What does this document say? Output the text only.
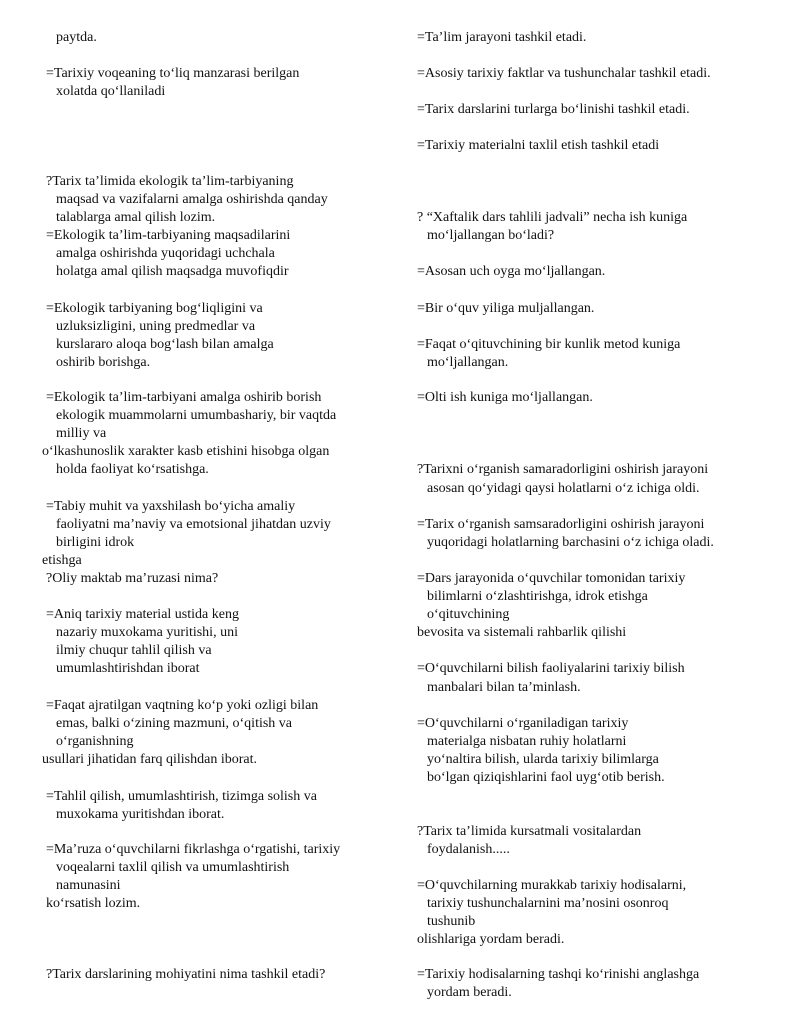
paytda.
=Tarixiy voqeaning to‘liq manzarasi berilgan
xolatda qo‘llaniladi
?Tarix ta’limida ekologik ta’lim-tarbiyaning
maqsad va vazifalarni amalga oshirishda qanday
talablarga amal qilish lozim.
=Ekologik ta’lim-tarbiyaning maqsadilarini
amalga oshirishda yuqoridagi uchchala
holatga amal qilish maqsadga muvofiqdir
=Ekologik tarbiyaning bog‘liqligini va
uzluksizligini, uning predmedlar va
kurslararo aloqa bog‘lash bilan amalga
oshirib borishga.
=Ekologik ta’lim-tarbiyani amalga oshirib borish
ekologik muammolarni umumbashariy, bir vaqtda
milliy va
o‘lkashunoslik xarakter kasb etishini hisobga olgan
holda faoliyat ko‘rsatishga.
=Tabiy muhit va yaxshilash bo‘yicha amaliy
faoliyatni ma’naviy va emotsional jihatdan uzviy
birligini idrok
etishga
?Oliy maktab ma’ruzasi nima?
=Aniq tarixiy material ustida keng
nazariy muxokama yuritishi, uni
ilmiy chuqur tahlil qilish va
umumlashtirishdan iborat
=Faqat ajratilgan vaqtning ko‘p yoki ozligi bilan
emas, balki o‘zining mazmuni, o‘qitish va
o‘rganishning
usullari jihatidan farq qilishdan iborat.
=Tahlil qilish, umumlashtirish, tizimga solish va
muxokama yuritishdan iborat.
=Ma’ruza o‘quvchilarni fikrlashga o‘rgatishi, tarixiy
voqealarni taxlil qilish va umumlashtirish
namunasini
ko‘rsatish lozim.
?Tarix darslarining mohiyatini nima tashkil etadi?
=Ta’lim jarayoni tashkil etadi.
=Asosiy tarixiy faktlar va tushunchalar tashkil etadi.
=Tarix darslarini turlarga bo‘linishi tashkil etadi.
=Tarixiy materialni taxlil etish tashkil etadi
? “Xaftalik dars tahlili jadvali” necha ish kuniga
mo‘ljallangan bo‘ladi?
=Asosan uch oyga mo‘ljallangan.
=Bir o‘quv yiliga muljallangan.
=Faqat o‘qituvchining bir kunlik metod kuniga
mo‘ljallangan.
=Olti ish kuniga mo‘ljallangan.
?Tarixni o‘rganish samaradorligini oshirish jarayoni
asosan qo‘yidagi qaysi holatlarni o‘z ichiga oldi.
=Tarix o‘rganish samsaradorligini oshirish jarayoni
yuqoridagi holatlarning barchasini o‘z ichiga oladi.
=Dars jarayonida o‘quvchilar tomonidan tarixiy
bilimlarni o‘zlashtirishga, idrok etishga
o‘qituvchining
bevosita va sistemali rahbarlik qilishi
=O‘quvchilarni bilish faoliyalarini tarixiy bilish
manbalari bilan ta’minlash.
=O‘quvchilarni o‘rganiladigan tarixiy
materialga nisbatan ruhiy holatlarni
yo‘naltira bilish, ularda tarixiy bilimlarga
bo‘lgan qiziqishlarini faol uyg‘otib berish.
?Tarix ta’limida kursatmali vositalardan
foydalanish.....
=O‘quvchilarning murakkab tarixiy hodisalarni,
tarixiy tushunchalarnini ma’nosini osonroq
tushunib
olishlariga yordam beradi.
=Tarixiy hodisalarning tashqi ko‘rinishi anglashga
yordam beradi.
